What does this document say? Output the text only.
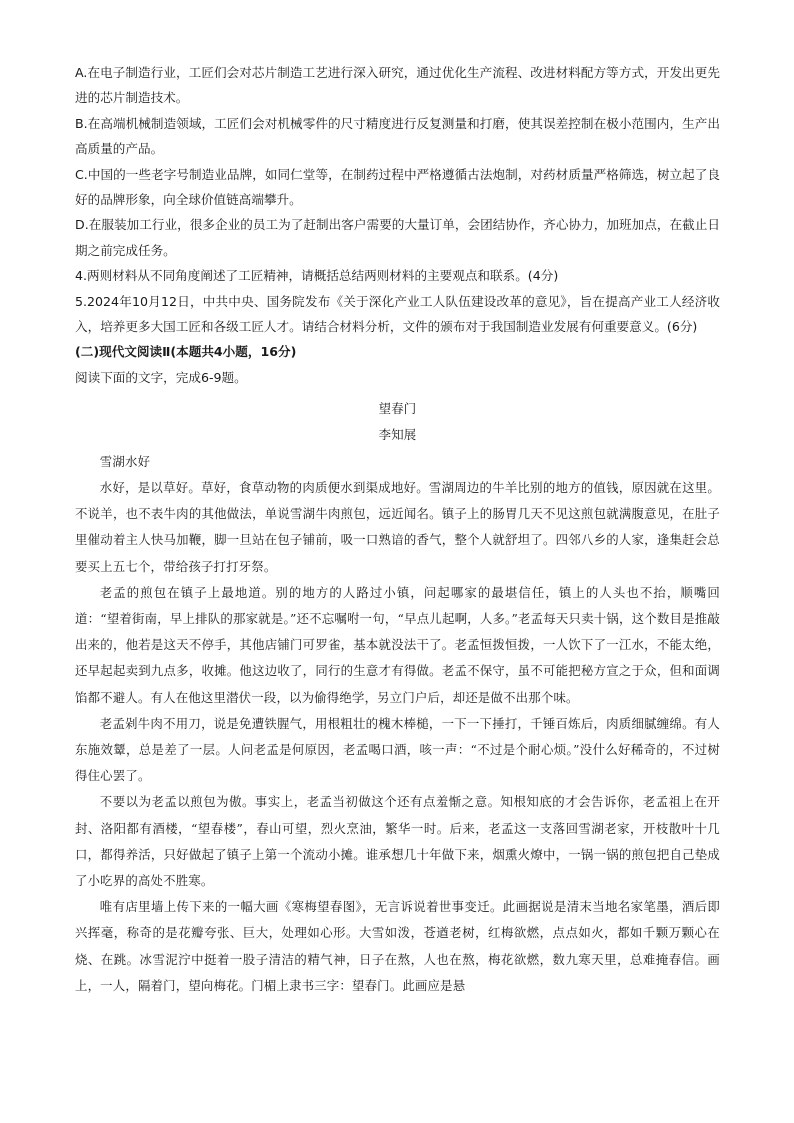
A.在电子制造行业，工匠们会对芯片制造工艺进行深入研究，通过优化生产流程、改进材料配方等方式，开发出更先进的芯片制造技术。

B.在高端机械制造领域，工匠们会对机械零件的尺寸精度进行反复测量和打磨，使其误差控制在极小范围内，生产出高质量的产品。

C.中国的一些老字号制造业品牌，如同仁堂等，在制药过程中严格遵循古法炮制，对药材质量严格筛选，树立起了良好的品牌形象，向全球价值链高端攀升。

D.在服装加工行业，很多企业的员工为了赶制出客户需要的大量订单，会团结协作，齐心协力，加班加点，在截止日期之前完成任务。

4.两则材料从不同角度阐述了工匠精神，请概括总结两则材料的主要观点和联系。(4分)

5.2024年10月12日，中共中央、国务院发布《关于深化产业工人队伍建设改革的意见》，旨在提高产业工人经济收入，培养更多大国工匠和各级工匠人才。请结合材料分析，文件的颁布对于我国制造业发展有何重要意义。(6分)

(二)现代文阅读Ⅱ(本题共4小题，16分)

阅读下面的文字，完成6-9题。

望春门

李知展

雪湖水好

水好，是以草好。草好，食草动物的肉质便水到渠成地好。雪湖周边的牛羊比别的地方的值钱，原因就在这里。不说羊，也不表牛肉的其他做法，单说雪湖牛肉煎包，远近闻名。镇子上的肠胃几天不见这煎包就满腹意见，在肚子里催动着主人快马加鞭，脚一旦站在包子铺前，吸一口熟谙的香气，整个人就舒坦了。四邻八乡的人家，逢集赶会总要买上五七个，带给孩子打打牙祭。

老孟的煎包在镇子上最地道。别的地方的人路过小镇，问起哪家的最堪信任，镇上的人头也不抬，顺嘴回道：“望着街南，早上排队的那家就是。”还不忘嘱咐一句，“早点儿起啊，人多。”老孟每天只卖十锅，这个数目是推敲出来的，他若是这天不停手，其他店铺门可罗雀，基本就没法干了。老孟恒拨恒拨，一人饮下了一江水，不能太绝，还早起起卖到九点多，收摊。他这边收了，同行的生意才有得做。老孟不保守，虽不可能把秘方宣之于众，但和面调馅都不避人。有人在他这里潜伏一段，以为偷得绝学，另立门户后，却还是做不出那个味。

老孟剁牛肉不用刀，说是免遭铁腥气，用根粗壮的槐木棒槌，一下一下捶打，千锤百炼后，肉质细腻缠绵。有人东施效颦，总是差了一层。人问老孟是何原因，老孟喝口酒，咳一声：“不过是个耐心烦。”没什么好稀奇的，不过树得住心罢了。

不要以为老孟以煎包为傲。事实上，老孟当初做这个还有点羞惭之意。知根知底的才会告诉你，老孟祖上在开封、洛阳都有酒楼，“望春楼”，春山可望，烈火烹油，繁华一时。后来，老孟这一支落回雪湖老家，开枝散叶十几口，都得养活，只好做起了镇子上第一个流动小摊。谁承想几十年做下来，烟熏火燎中，一锅一锅的煎包把自己垫成了小吃界的高处不胜寒。

唯有店里墙上传下来的一幅大画《寒梅望春图》，无言诉说着世事变迁。此画据说是清末当地名家笔墨，酒后即兴挥毫，称奇的是花瓣夸张、巨大，处理如心形。大雪如泼，苍遒老树，红梅欲燃，点点如火，都如千颗万颗心在烧、在跳。冰雪泥泞中挺着一股子清洁的精气神，日子在熬，人也在熬，梅花欲燃，数九寒天里，总难掩春信。画上，一人，隔着门，望向梅花。门楣上隶书三字：望春门。此画应是悬
